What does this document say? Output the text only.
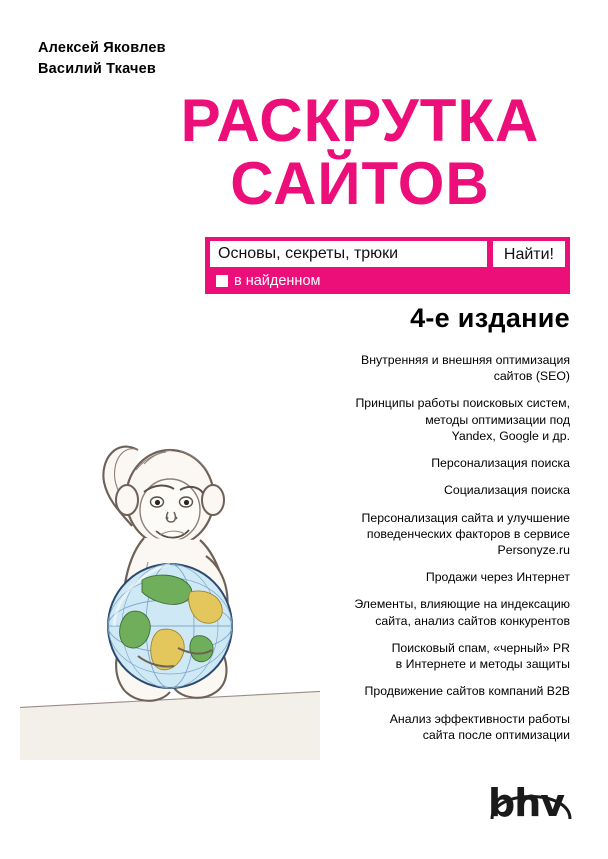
Алексей Яковлев
Василий Ткачев
РАСКРУТКА
САЙТОВ
Основы, секреты, трюки	Найти!
в найденном
4-е издание
Внутренняя и внешняя оптимизация
сайтов (SEO)
Принципы работы поисковых систем,
методы оптимизации под
Yandex, Google и др.
Персонализация поиска
Социализация поиска
Персонализация сайта и улучшение
поведенческих факторов в сервисе
Personyze.ru
Продажи через Интернет
Элементы, влияющие на индексацию
сайта, анализ сайтов конкурентов
Поисковый спам, «черный» PR
в Интернете и методы защиты
Продвижение сайтов компаний B2B
Анализ эффективности работы
сайта после оптимизации
bhv
